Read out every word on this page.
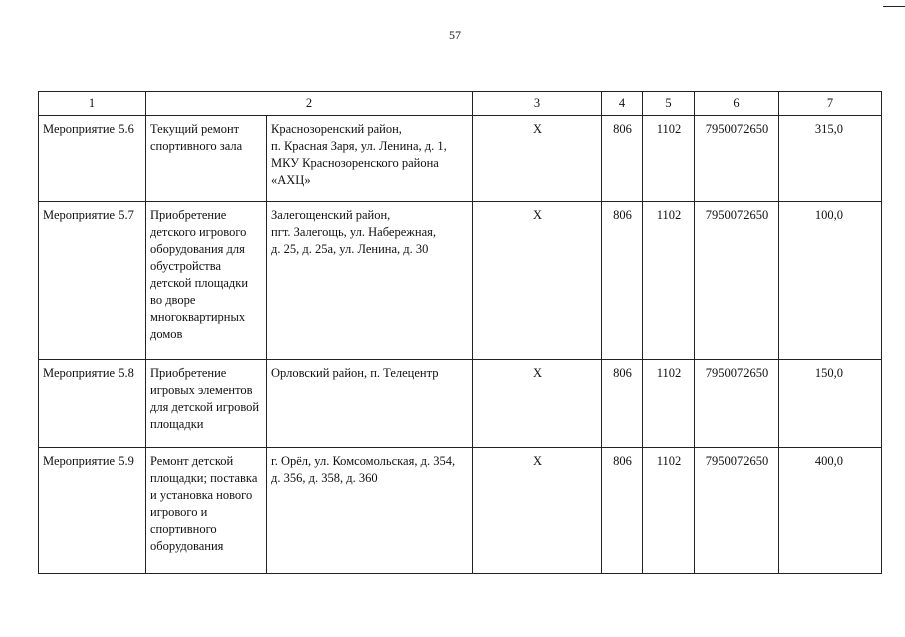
57
1	2		3	4	5	6	7
Мероприятие 5.6	Текущий ремонт спортивного зала	Краснозоренский район,
п. Красная Заря, ул. Ленина, д. 1,
МКУ Краснозоренского района
«АХЦ»	X	806	1102	7950072650	315,0
Мероприятие 5.7	Приобретение детского игрового оборудования для обустройства детской площадки во дворе многоквартирных домов	Залегощенский район,
пгт. Залегощь, ул. Набережная,
д. 25, д. 25а, ул. Ленина, д. 30	X	806	1102	7950072650	100,0
Мероприятие 5.8	Приобретение игровых элементов для детской игровой площадки	Орловский район, п. Телецентр	X	806	1102	7950072650	150,0
Мероприятие 5.9	Ремонт детской площадки; поставка и установка нового игрового и спортивного оборудования	г. Орёл, ул. Комсомольская, д. 354,
д. 356, д. 358, д. 360	X	806	1102	7950072650	400,0
